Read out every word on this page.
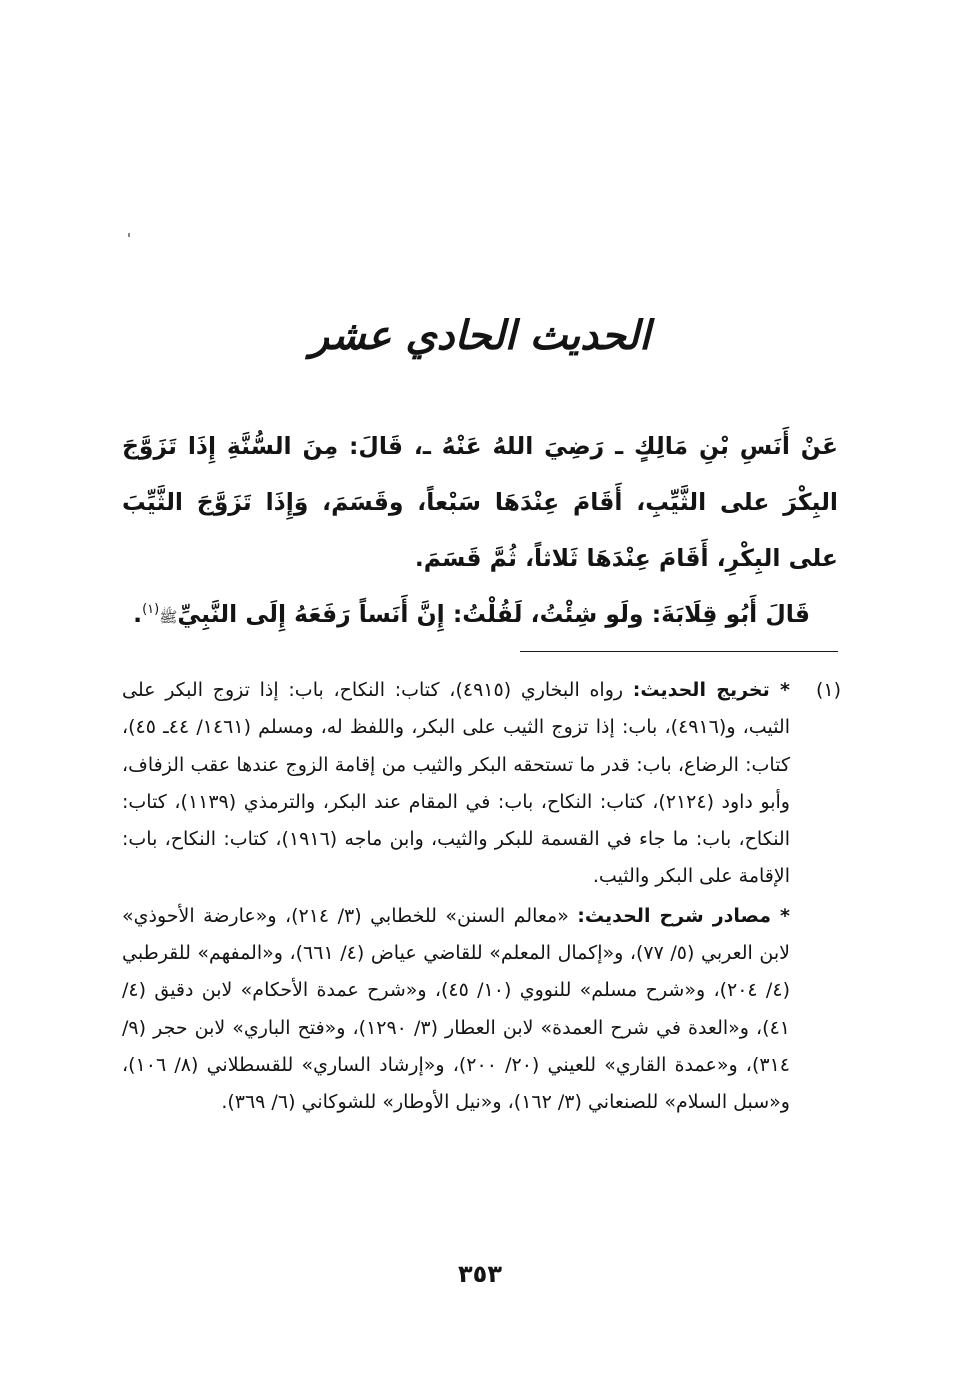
الحديث الحادي عشر

عَنْ أَنَسِ بْنِ مَالِكٍ ـ رَضِيَ اللهُ عَنْهُ ـ، قَالَ: مِنَ السُّنَّةِ إِذَا تَزَوَّجَ البِكْرَ على الثَّيِّبِ، أَقَامَ عِنْدَهَا سَبْعاً، وقَسَمَ، وَإِذَا تَزَوَّجَ الثَّيِّبَ على البِكْرِ، أَقَامَ عِنْدَهَا ثَلاثاً، ثُمَّ قَسَمَ.

قَالَ أَبُو قِلَابَةَ: ولَو شِئْتُ، لَقُلْتُ: إِنَّ أَنَساً رَفَعَهُ إِلَى النَّبِيِّﷺ$^{(١)}$.

(١)

* تخريج الحديث: رواه البخاري (٤٩١٥)، كتاب: النكاح، باب: إذا تزوج البكر على الثيب، و(٤٩١٦)، باب: إذا تزوج الثيب على البكر، واللفظ له، ومسلم (١٤٦١/ ٤٤ـ ٤٥)، كتاب: الرضاع، باب: قدر ما تستحقه البكر والثيب من إقامة الزوج عندها عقب الزفاف، وأبو داود (٢١٢٤)، كتاب: النكاح، باب: في المقام عند البكر، والترمذي (١١٣٩)، كتاب: النكاح، باب: ما جاء في القسمة للبكر والثيب، وابن ماجه (١٩١٦)، كتاب: النكاح، باب: الإقامة على البكر والثيب.

* مصادر شرح الحديث: «معالم السنن» للخطابي (٣/ ٢١٤)، و«عارضة الأحوذي» لابن العربي (٥/ ٧٧)، و«إكمال المعلم» للقاضي عياض (٤/ ٦٦١)، و«المفهم» للقرطبي (٤/ ٢٠٤)، و«شرح مسلم» للنووي (١٠/ ٤٥)، و«شرح عمدة الأحكام» لابن دقيق (٤/ ٤١)، و«العدة في شرح العمدة» لابن العطار (٣/ ١٢٩٠)، و«فتح الباري» لابن حجر (٩/ ٣١٤)، و«عمدة القاري» للعيني (٢٠/ ٢٠٠)، و«إرشاد الساري» للقسطلاني (٨/ ١٠٦)، و«سبل السلام» للصنعاني (٣/ ١٦٢)، و«نيل الأوطار» للشوكاني (٦/ ٣٦٩).

٣٥٣
